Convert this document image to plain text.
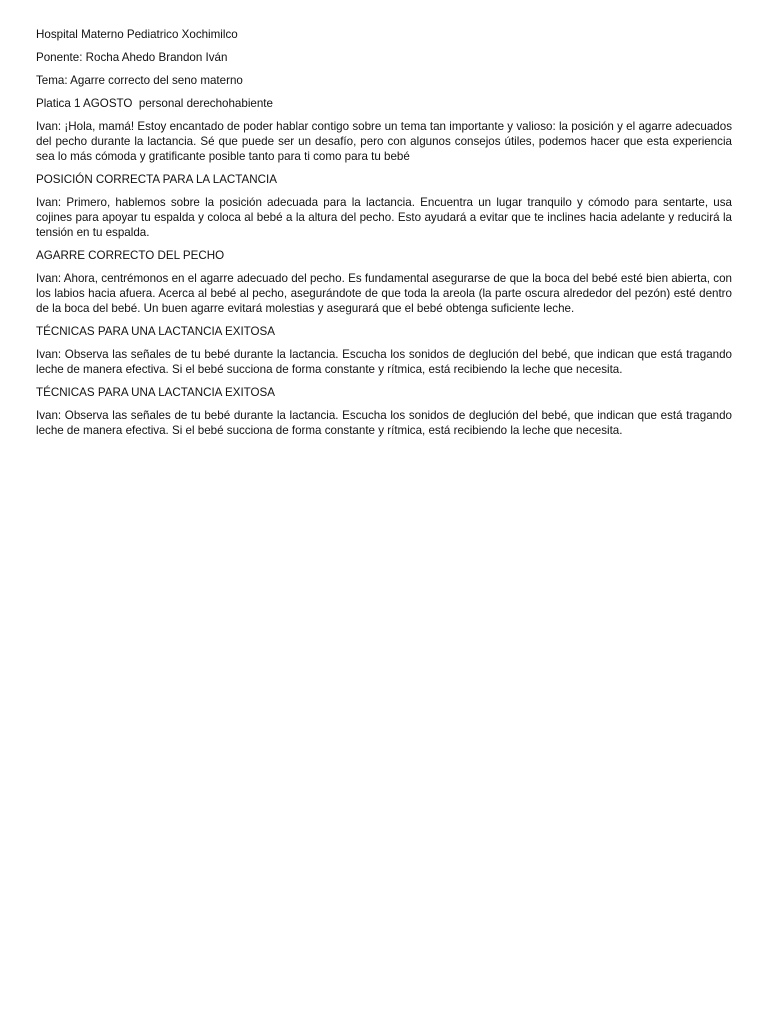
Hospital Materno Pediatrico Xochimilco

Ponente: Rocha Ahedo Brandon Iván

Tema: Agarre correcto del seno materno

Platica 1 AGOSTO  personal derechohabiente

Ivan: ¡Hola, mamá! Estoy encantado de poder hablar contigo sobre un tema tan importante y valioso: la posición y el agarre adecuados del pecho durante la lactancia. Sé que puede ser un desafío, pero con algunos consejos útiles, podemos hacer que esta experiencia sea lo más cómoda y gratificante posible tanto para ti como para tu bebé

POSICIÓN CORRECTA PARA LA LACTANCIA

Ivan: Primero, hablemos sobre la posición adecuada para la lactancia. Encuentra un lugar tranquilo y cómodo para sentarte, usa cojines para apoyar tu espalda y coloca al bebé a la altura del pecho. Esto ayudará a evitar que te inclines hacia adelante y reducirá la tensión en tu espalda.

AGARRE CORRECTO DEL PECHO

Ivan: Ahora, centrémonos en el agarre adecuado del pecho. Es fundamental asegurarse de que la boca del bebé esté bien abierta, con los labios hacia afuera. Acerca al bebé al pecho, asegurándote de que toda la areola (la parte oscura alrededor del pezón) esté dentro de la boca del bebé. Un buen agarre evitará molestias y asegurará que el bebé obtenga suficiente leche.

TÉCNICAS PARA UNA LACTANCIA EXITOSA

Ivan: Observa las señales de tu bebé durante la lactancia. Escucha los sonidos de deglución del bebé, que indican que está tragando leche de manera efectiva. Si el bebé succiona de forma constante y rítmica, está recibiendo la leche que necesita.

TÉCNICAS PARA UNA LACTANCIA EXITOSA

Ivan: Observa las señales de tu bebé durante la lactancia. Escucha los sonidos de deglución del bebé, que indican que está tragando leche de manera efectiva. Si el bebé succiona de forma constante y rítmica, está recibiendo la leche que necesita.
